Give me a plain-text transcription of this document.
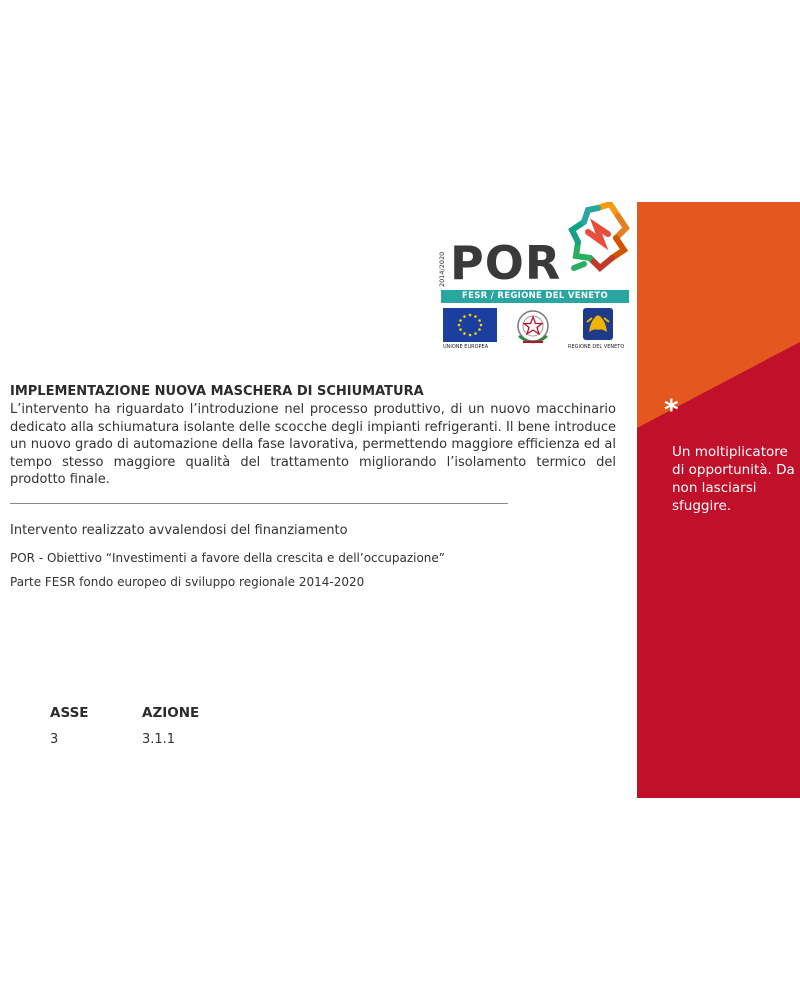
*
Un moltiplicatore di opportunità. Da non lasciarsi sfuggire.
2014/2020 POR
FESR / REGIONE DEL VENETO
UNIONE EUROPEA	REGIONE DEL VENETO

IMPLEMENTAZIONE NUOVA MASCHERA DI SCHIUMATURA

L’intervento ha riguardato l’introduzione nel processo produttivo, di un nuovo macchinario dedicato alla schiumatura isolante delle scocche degli impianti refrigeranti. Il bene introduce un nuovo grado di automazione della fase lavorativa, permettendo maggiore efficienza ed al tempo stesso maggiore qualità del trattamento migliorando l’isolamento termico del prodotto finale.

Intervento realizzato avvalendosi del finanziamento
POR - Obiettivo “Investimenti a favore della crescita e dell’occupazione”
Parte FESR fondo europeo di sviluppo regionale 2014-2020
ASSE	AZIONE
3	3.1.1
